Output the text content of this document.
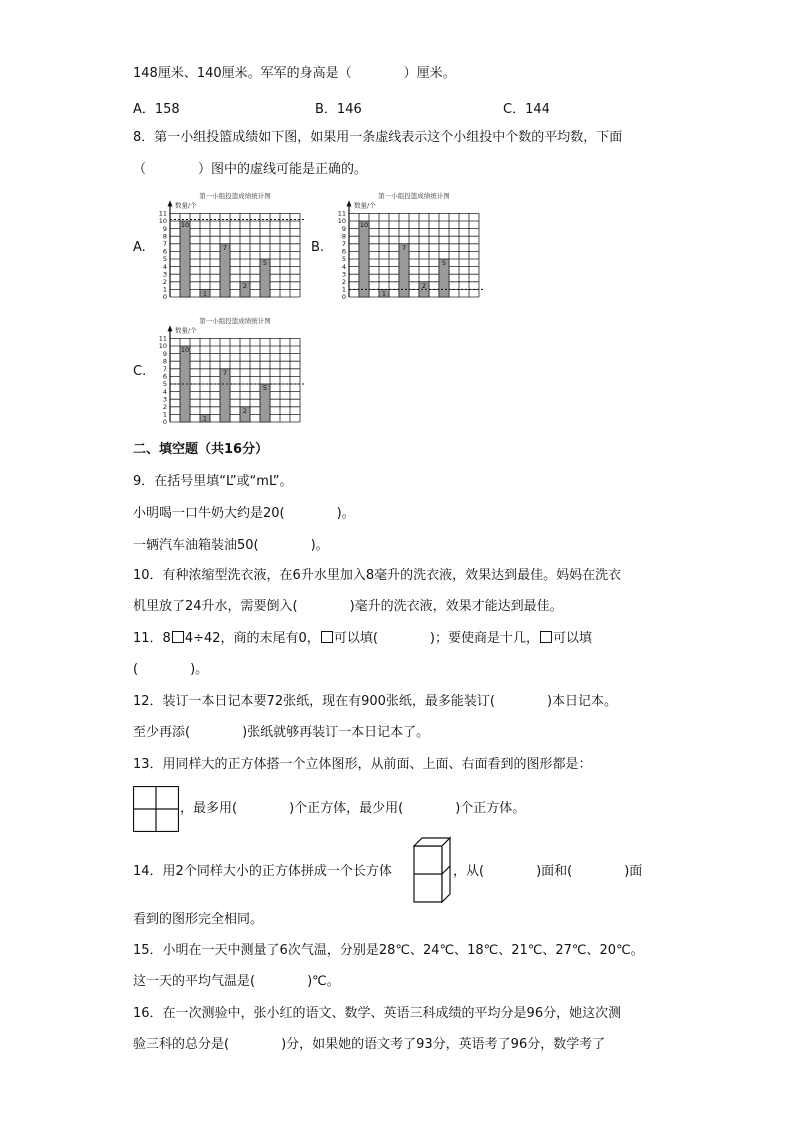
148厘米、140厘米。军军的身高是（　　　　）厘米。
A．158	B．146	C．144
8．第一小组投篮成绩如下图，如果用一条虚线表示这个小组投中个数的平均数，下面
（　　　　）图中的虚线可能是正确的。
A.	B.
C.
第一小组投篮成绩统计图
数量/个
0
1
2
3
4
5
6
7
8
9
10
11
10
1
7
2
5
第一小组投篮成绩统计图
数量/个
0
1
2
3
4
5
6
7
8
9
10
11
10
1
7
2
5
第一小组投篮成绩统计图
数量/个
0
1
2
3
4
5
6
7
8
9
10
11
10
1
7
2
5
二、填空题（共16分）
9．在括号里填“L”或“mL”。
小明喝一口牛奶大约是20(　　　　)。
一辆汽车油箱装油50(　　　　)。
10．有种浓缩型洗衣液，在6升水里加入8毫升的洗衣液，效果达到最佳。妈妈在洗衣
机里放了24升水，需要倒入(　　　　)毫升的洗衣液，效果才能达到最佳。
11．8 4÷42，商的末尾有0， 可以填(　　　　)；要使商是十几， 可以填
(　　　　)。
12．装订一本日记本要72张纸，现在有900张纸，最多能装订(　　　　)本日记本。
至少再添(　　　　)张纸就够再装订一本日记本了。
13．用同样大的正方体搭一个立体图形，从前面、上面、右面看到的图形都是：
，最多用(　　　　)个正方体，最少用(　　　　)个正方体。
14．用2个同样大小的正方体拼成一个长方体	，从(　　　　)面和(　　　　)面
看到的图形完全相同。
15．小明在一天中测量了6次气温，分别是28℃、24℃、18℃、21℃、27℃、20℃。
这一天的平均气温是(　　　　)℃。
16．在一次测验中，张小红的语文、数学、英语三科成绩的平均分是96分，她这次测
验三科的总分是(　　　　)分，如果她的语文考了93分，英语考了96分，数学考了
